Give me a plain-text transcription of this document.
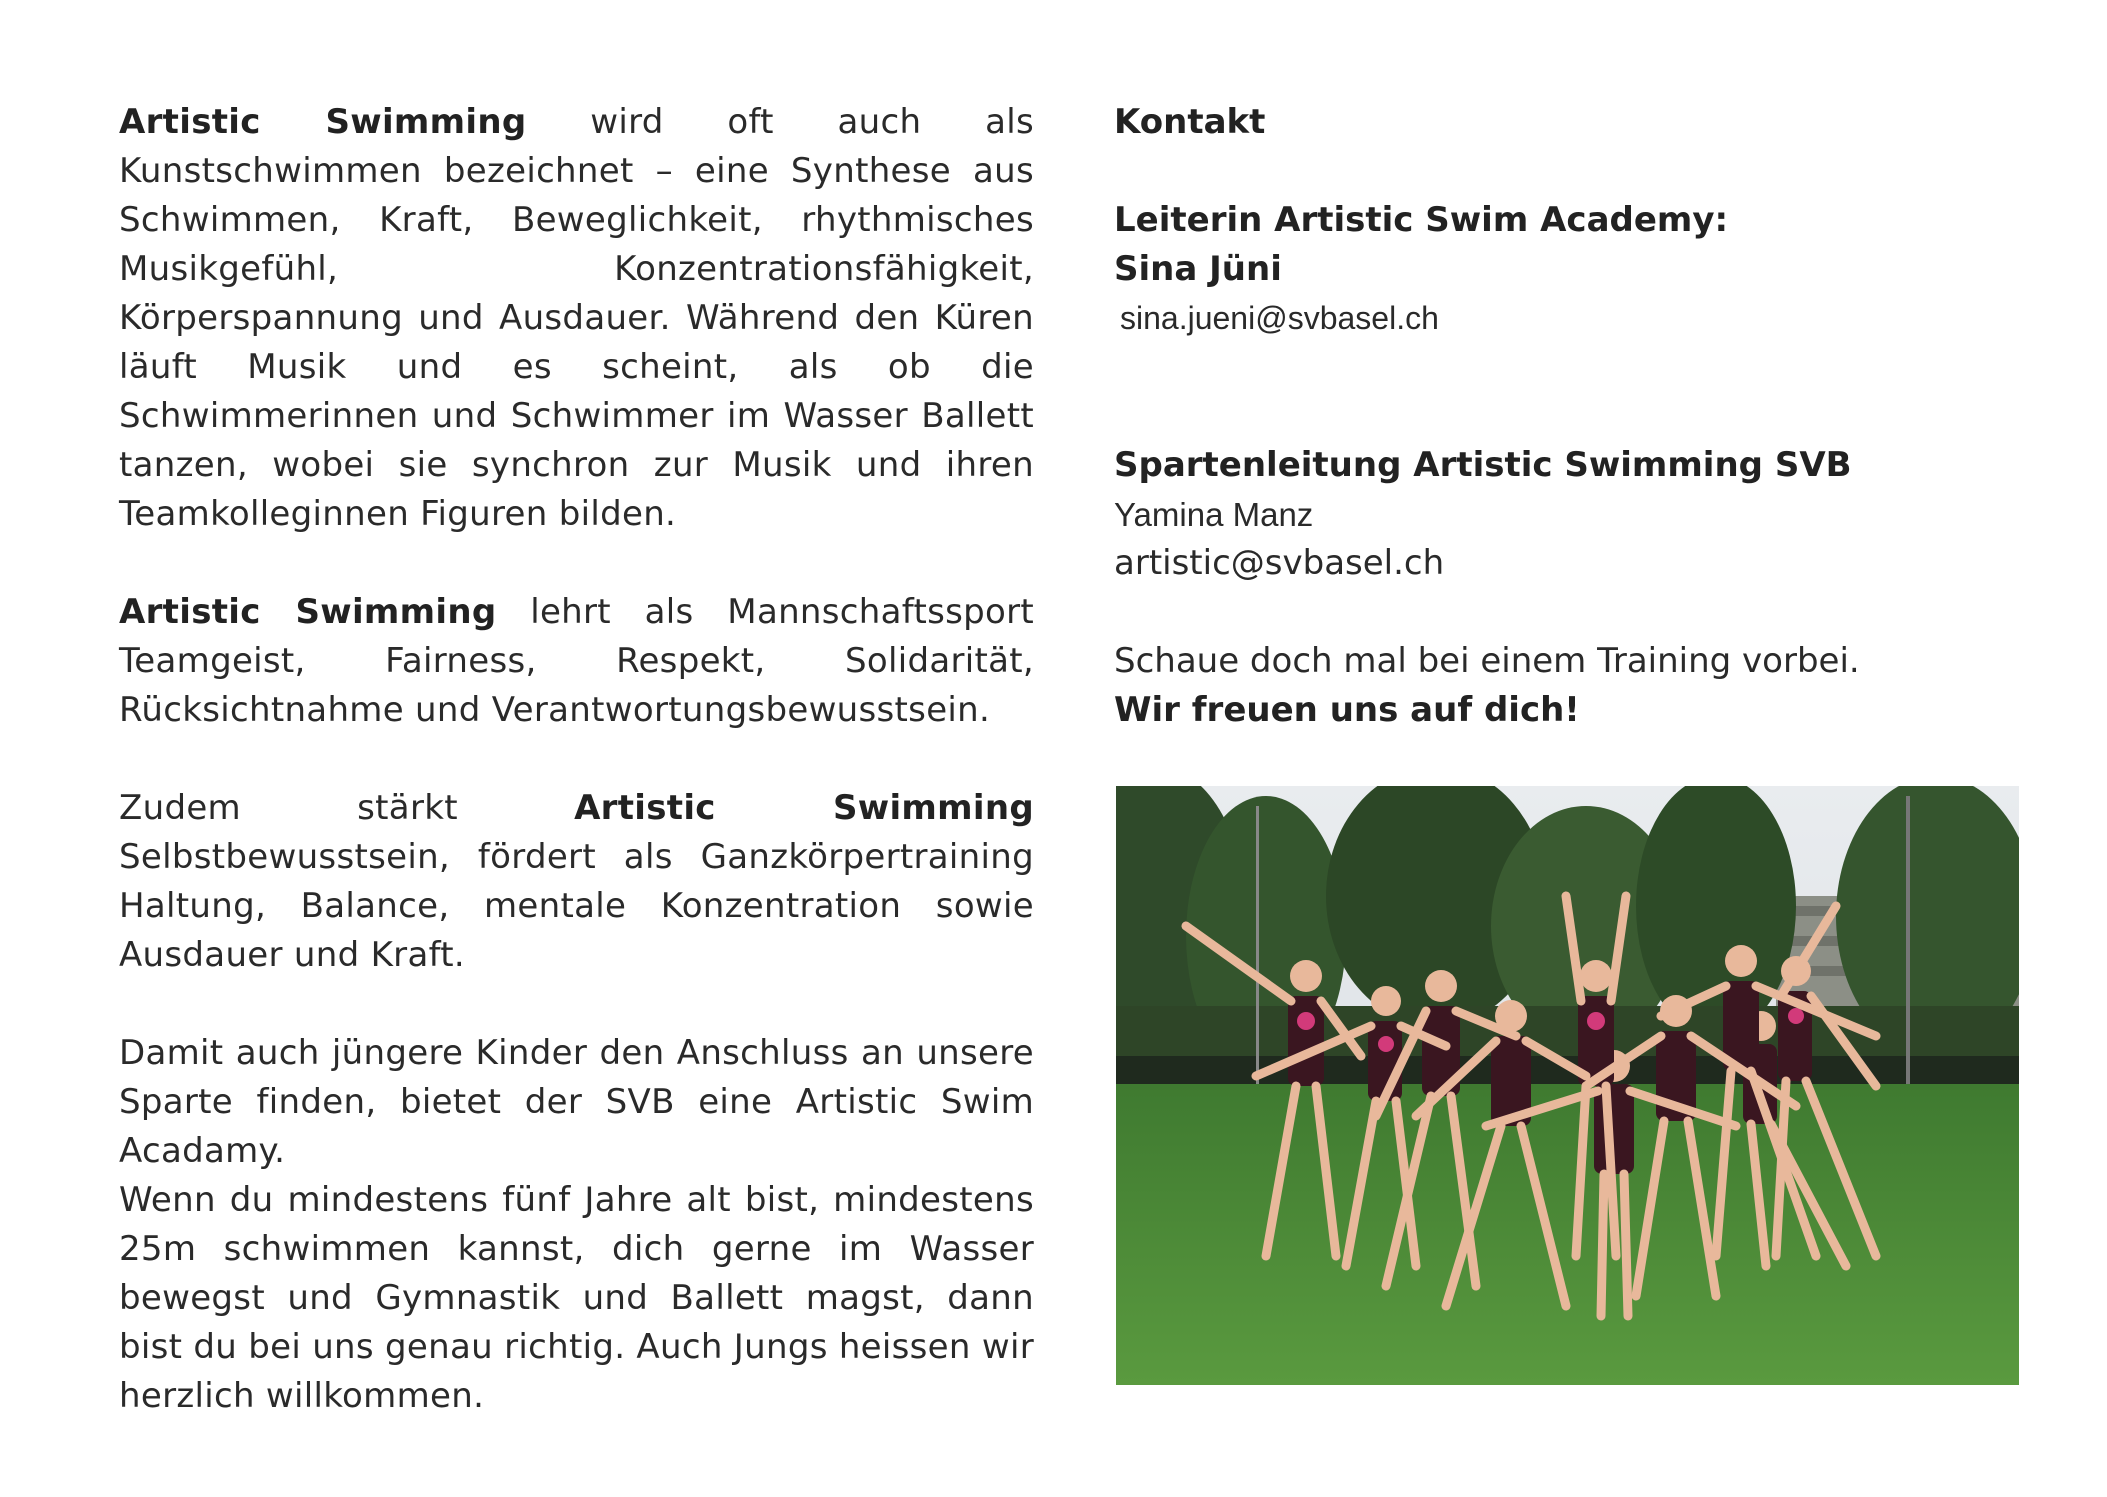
Artistic Swimming wird oft auch als Kunstschwimmen bezeichnet – eine Synthese aus Schwimmen, Kraft, Beweglichkeit, rhythmisches Musikgefühl, Konzentrationsfähigkeit, Körperspannung und Ausdauer. Während den Küren läuft Musik und es scheint, als ob die Schwimmerinnen und Schwimmer im Wasser Ballett tanzen, wobei sie synchron zur Musik und ihren Teamkolleginnen Figuren bilden.

Artistic Swimming lehrt als Mannschaftssport Teamgeist, Fairness, Respekt, Solidarität, Rücksichtnahme und Verantwortungsbewusstsein.

Zudem stärkt Artistic Swimming Selbstbewusstsein, fördert als Ganzkörpertraining Haltung, Balance, mentale Konzentration sowie Ausdauer und Kraft.

Damit auch jüngere Kinder den Anschluss an unsere Sparte finden, bietet der SVB eine Artistic Swim Acadamy.

Wenn du mindestens fünf Jahre alt bist, mindestens 25m schwimmen kannst, dich gerne im Wasser bewegst und Gymnastik und Ballett magst, dann bist du bei uns genau richtig. Auch Jungs heissen wir herzlich willkommen.

Kontakt

Leiterin Artistic Swim Academy:

Sina Jüni

sina.jueni@svbasel.ch

Spartenleitung Artistic Swimming SVB

Yamina Manz

artistic@svbasel.ch

Schaue doch mal bei einem Training vorbei.

Wir freuen uns auf dich!
